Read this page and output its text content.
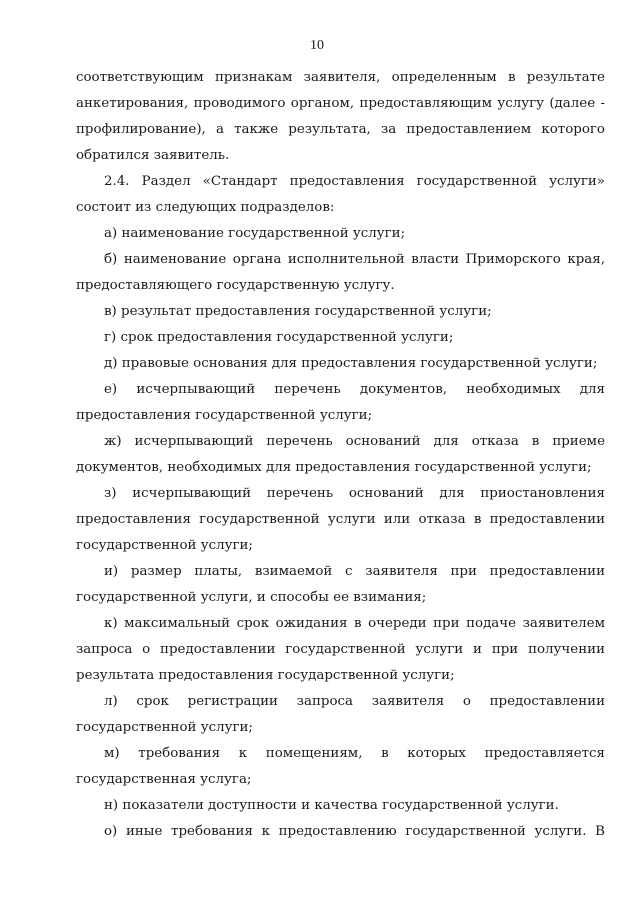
10

соответствующим признакам заявителя, определенным в результате анкетирования, проводимого органом, предоставляющим услугу (далее - профилирование), а также результата, за предоставлением которого обратился заявитель.

2.4. Раздел «Стандарт предоставления государственной услуги» состоит из следующих подразделов:

а) наименование государственной услуги;

б) наименование органа исполнительной власти Приморского края, предоставляющего государственную услугу.

в) результат предоставления государственной услуги;

г) срок предоставления государственной услуги;

д) правовые основания для предоставления государственной услуги;

е) исчерпывающий перечень документов, необходимых для предоставления государственной услуги;

ж) исчерпывающий перечень оснований для отказа в приеме документов, необходимых для предоставления государственной услуги;

з) исчерпывающий перечень оснований для приостановления предоставления государственной услуги или отказа в предоставлении государственной услуги;

и) размер платы, взимаемой с заявителя при предоставлении государственной услуги, и способы ее взимания;

к) максимальный срок ожидания в очереди при подаче заявителем запроса о предоставлении государственной услуги и при получении результата предоставления государственной услуги;

л) срок регистрации запроса заявителя о предоставлении государственной услуги;

м) требования к помещениям, в которых предоставляется государственная услуга;

н) показатели доступности и качества государственной услуги.

о) иные требования к предоставлению государственной услуги. В
